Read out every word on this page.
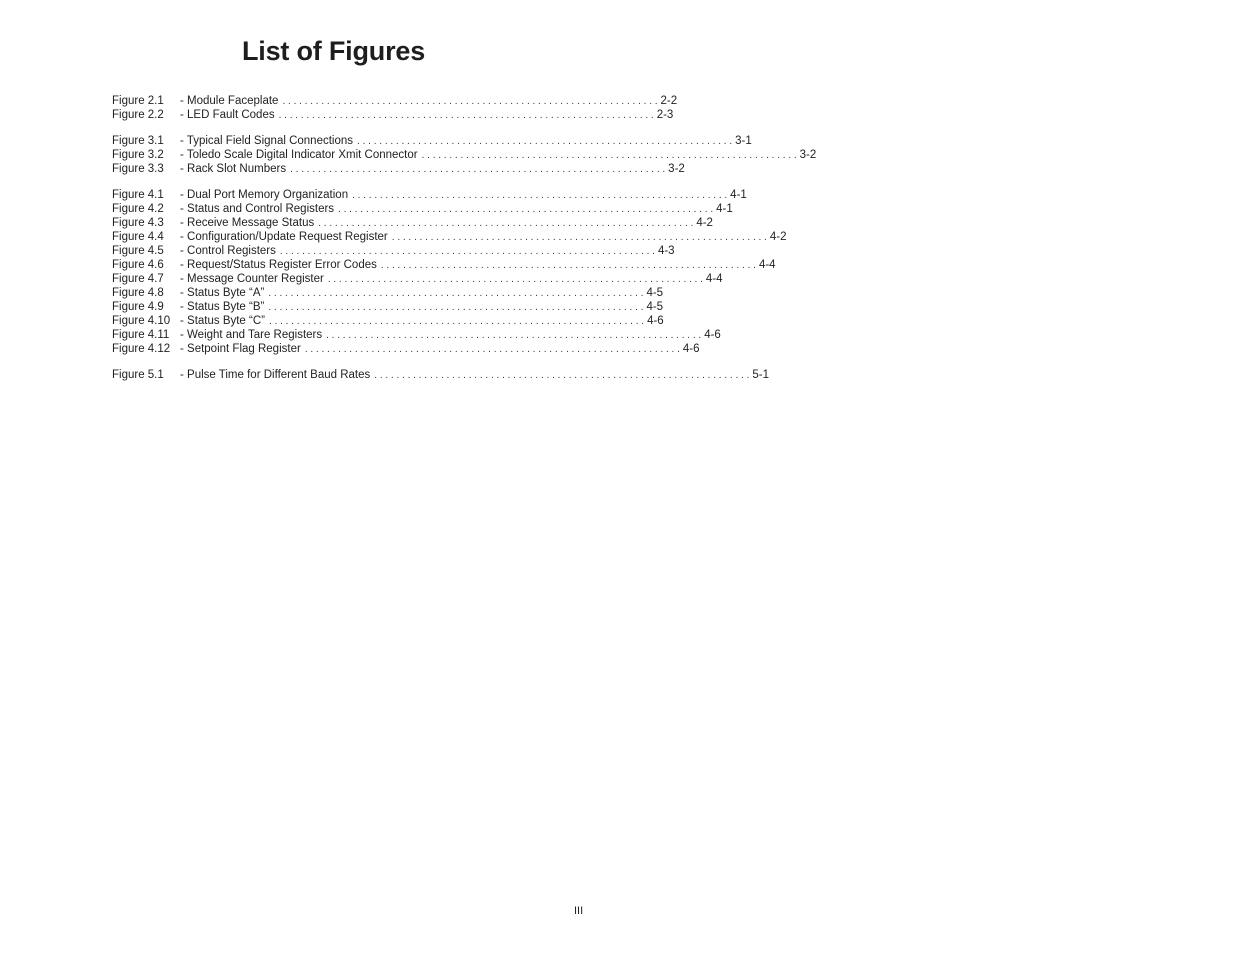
List of Figures
Figure 2.1	- Module Faceplate . . .	2-2
Figure 2.2	- LED Fault Codes . . .	2-3
Figure 3.1	- Typical Field Signal Connections . . .	3-1
Figure 3.2	- Toledo Scale Digital Indicator Xmit Connector . . .	3-2
Figure 3.3	- Rack Slot Numbers . . .	3-2
Figure 4.1	- Dual Port Memory Organization . . .	4-1
Figure 4.2	- Status and Control Registers . . .	4-1
Figure 4.3	- Receive Message Status . . .	4-2
Figure 4.4	- Configuration/Update Request Register . . .	4-2
Figure 4.5	- Control Registers . . .	4-3
Figure 4.6	- Request/Status Register Error Codes . . .	4-4
Figure 4.7	- Message Counter Register . . .	4-4
Figure 4.8	- Status Byte “A” . . .	4-5
Figure 4.9	- Status Byte “B” . . .	4-5
Figure 4.10 - Status Byte “C” . . .	4-6
Figure 4.11 - Weight and Tare Registers . . .	4-6
Figure 4.12 - Setpoint Flag Register . . .	4-6
Figure 5.1	- Pulse Time for Different Baud Rates . . .	5-1
III
